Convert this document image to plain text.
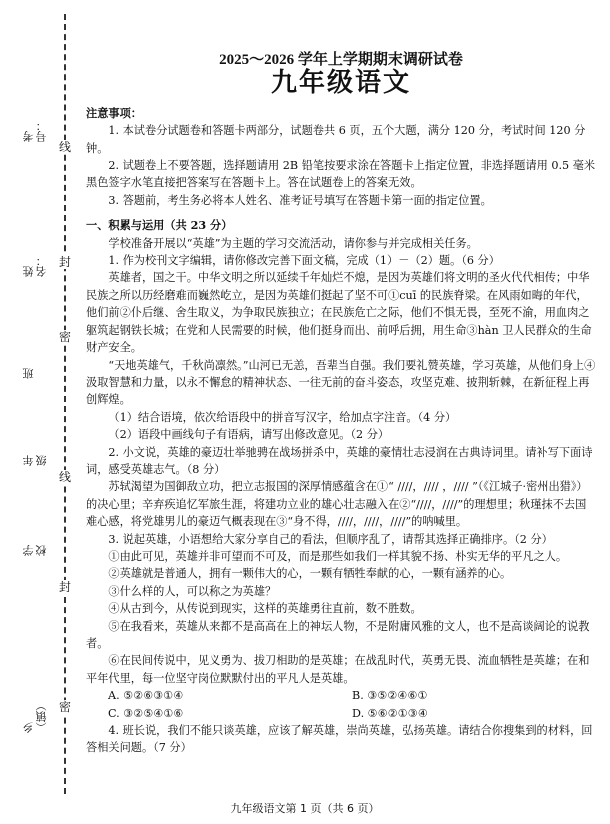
线
封
密
线
封
密
考号：
姓名：
班
年级
学校
乡（镇）
2025～2026 学年上学期期末调研试卷
九年级语文

注意事项：

1. 本试卷分试题卷和答题卡两部分，试题卷共 6 页，五个大题，满分 120 分，考试时间 120 分钟。

2. 试题卷上不要答题，选择题请用 2B 铅笔按要求涂在答题卡上指定位置，非选择题请用 0.5 毫米黑色签字水笔直接把答案写在答题卡上。答在试题卷上的答案无效。

3. 答题前，考生务必将本人姓名、准考证号填写在答题卡第一面的指定位置。

一、积累与运用（共 23 分）

学校准备开展以“英雄”为主题的学习交流活动，请你参与并完成相关任务。

1. 作为校刊文字编辑，请你修改完善下面文稿，完成（1）－（2）题。（6 分）

英雄者，国之干。中华文明之所以延续千年灿烂不熄，是因为英雄们将文明的圣火代代相传；中华民族之所以历经磨难而巍然屹立，是因为英雄们挺起了坚不可①cuī 的民族脊梁。在风雨如晦的年代，他们前②仆后继、舍生取义，为争取民族独立；在民族危亡之际，他们不惧无畏，至死不渝，用血肉之躯筑起钢铁长城；在党和人民需要的时候，他们挺身而出、前呼后拥，用生命③hàn 卫人民群众的生命财产安全。

“天地英雄气，千秋尚凛然。”山河已无恙，吾辈当自强。我们要礼赞英雄，学习英雄，从他们身上④汲取智慧和力量，以永不懈怠的精神状态、一往无前的奋斗姿态，攻坚克难、披荆斩棘，在新征程上再创辉煌。

（1）结合语境，依次给语段中的拼音写汉字，给加点字注音。（4 分）

（2）语段中画线句子有语病，请写出修改意见。（2 分）

2. 小文说，英雄的豪迈壮举驰骋在战场拼杀中，英雄的豪情壮志浸润在古典诗词里。请补写下面诗词，感受英雄志气。（8 分）

苏轼渴望为国御敌立功，把立志报国的深厚情感蕴含在①“ ////，//// ，//// ”（《江城子·密州出猎》）的决心里；辛弃疾追忆军旅生涯，将建功立业的雄心壮志融入在②“////，////”的理想里；秋瑾抹不去国难心感，将党雄男儿的豪迈气概表现在③“身不得，////，////，////”的呐喊里。

3. 说起英雄，小语想给大家分享自己的看法，但顺序乱了，请帮其选择正确排序。（2 分）

①由此可见，英雄并非可望而不可及，而是那些如我们一样其貌不扬、朴实无华的平凡之人。

②英雄就是普通人，拥有一颗伟大的心，一颗有牺牲奉献的心，一颗有涵养的心。

③什么样的人，可以称之为英雄？

④从古到今，从传说到现实，这样的英雄勇往直前，数不胜数。

⑤在我看来，英雄从来都不是高高在上的神坛人物，不是附庸风雅的文人，也不是高谈阔论的说教者。

⑥在民间传说中，见义勇为、拔刀相助的是英雄；在战乱时代，英勇无畏、流血牺牲是英雄；在和平年代里，每一位坚守岗位默默付出的平凡人是英雄。

A. ⑤②⑥③①④	B. ③⑤②④⑥①
C. ③②⑤④①⑥	D. ⑤⑥②①③④

4. 班长说，我们不能只谈英雄，应该了解英雄，崇尚英雄，弘扬英雄。请结合你搜集到的材料，回答相关问题。（7 分）

九年级语文第 1 页（共 6 页）
